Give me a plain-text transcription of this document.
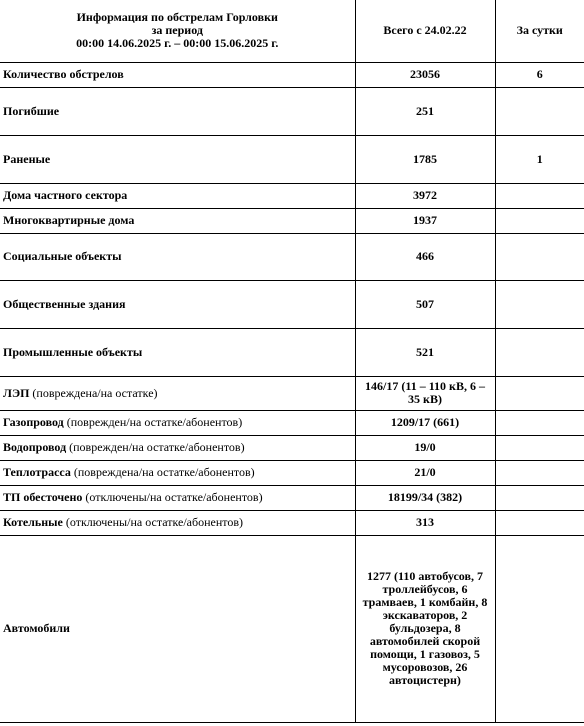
Информация по обстрелам Горловки
за период
00:00 14.06.2025 г. – 00:00 15.06.2025 г.	Всего с 24.02.22	За сутки
Количество обстрелов	23056	6
Погибшие	251	
Раненые	1785	1
Дома частного сектора	3972	
Многоквартирные дома	1937	
Социальные объекты	466	
Общественные здания	507	
Промышленные объекты	521	
ЛЭП (повреждена/на остатке)	146/17 (11 – 110 кВ, 6 – 35 кВ)	
Газопровод (поврежден/на остатке/абонентов)	1209/17 (661)	
Водопровод (поврежден/на остатке/абонентов)	19/0	
Теплотрасса (повреждена/на остатке/абонентов)	21/0	
ТП обесточено (отключены/на остатке/абонентов)	18199/34 (382)	
Котельные (отключены/на остатке/абонентов)	313	
Автомобили	1277 (110 автобусов, 7 троллейбусов, 6 трамваев, 1 комбайн, 8 экскаваторов, 2 бульдозера, 8 автомобилей скорой помощи, 1 газовоз, 5 мусоровозов, 26 автоцистерн)	
